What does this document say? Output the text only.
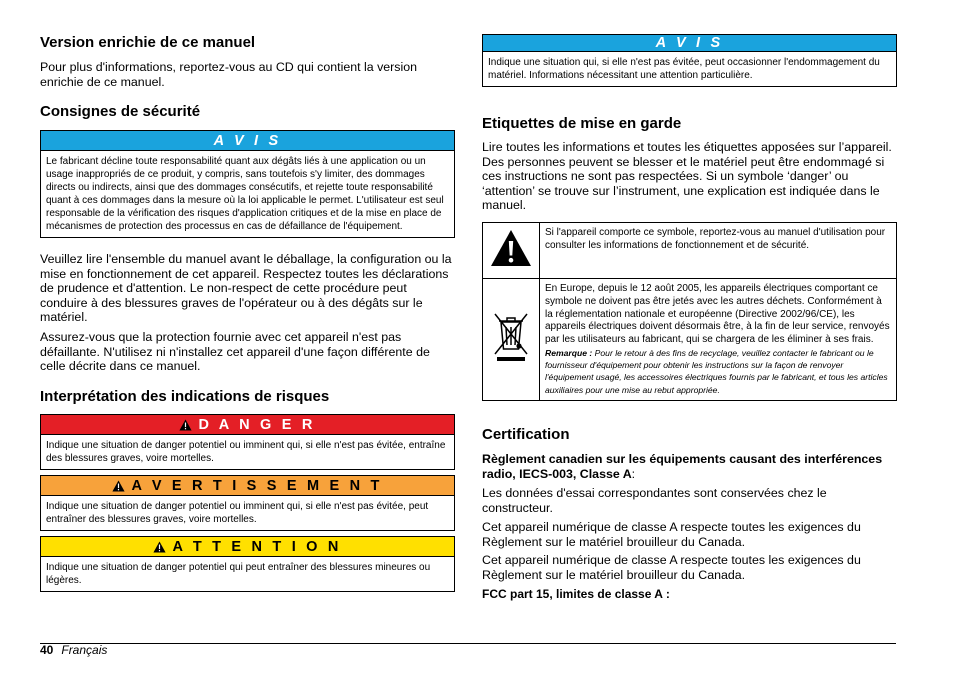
Version enrichie de ce manuel

Pour plus d'informations, reportez-vous au CD qui contient la version enrichie de ce manuel.

Consignes de sécurité
A V I S
Le fabricant décline toute responsabilité quant aux dégâts liés à une application ou un usage inappropriés de ce produit, y compris, sans toutefois s'y limiter, des dommages directs ou indirects, ainsi que des dommages consécutifs, et rejette toute responsabilité quant à ces dommages dans la mesure où la loi applicable le permet. L'utilisateur est seul responsable de la vérification des risques d'application critiques et de la mise en place de mécanismes de protection des processus en cas de défaillance de l'équipement.

Veuillez lire l'ensemble du manuel avant le déballage, la configuration ou la mise en fonctionnement de cet appareil. Respectez toutes les déclarations de prudence et d'attention. Le non-respect de cette procédure peut conduire à des blessures graves de l'opérateur ou à des dégâts sur le matériel.

Assurez-vous que la protection fournie avec cet appareil n'est pas défaillante. N'utilisez ni n'installez cet appareil d'une façon différente de celle décrite dans ce manuel.

Interprétation des indications de risques
D A N G E R
Indique une situation de danger potentiel ou imminent qui, si elle n'est pas évitée, entraîne des blessures graves, voire mortelles.
A V E R T I S S E M E N T
Indique une situation de danger potentiel ou imminent qui, si elle n'est pas évitée, peut entraîner des blessures graves, voire mortelles.
A T T E N T I O N
Indique une situation de danger potentiel qui peut entraîner des blessures mineures ou légères.
A V I S
Indique une situation qui, si elle n'est pas évitée, peut occasionner l'endommagement du matériel. Informations nécessitant une attention particulière.
Etiquettes de mise en garde

Lire toutes les informations et toutes les étiquettes apposées sur l’appareil. Des personnes peuvent se blesser et le matériel peut être endommagé si ces instructions ne sont pas respectées. Si un symbole ‘danger’ ou ‘attention’ se trouve sur l’instrument, une explication est indiquée dans le manuel.

	Si l'appareil comporte ce symbole, reportez-vous au manuel d'utilisation pour consulter les informations de fonctionnement et de sécurité.

En Europe, depuis le 12 août 2005, les appareils électriques comportant ce symbole ne doivent pas être jetés avec les autres déchets. Conformément à la réglementation nationale et européenne (Directive 2002/96/CE), les appareils électriques doivent désormais être, à la fin de leur service, renvoyés par les utilisateurs au fabricant, qui se chargera de les éliminer à ses frais.
Remarque : Pour le retour à des fins de recyclage, veuillez contacter le fabricant ou le fournisseur d'équipement pour obtenir les instructions sur la façon de renvoyer l'équipement usagé, les accessoires électriques fournis par le fabricant, et tous les articles auxiliaires pour une mise au rebut appropriée.
Certification

Règlement canadien sur les équipements causant des interférences radio, IECS-003, Classe A:

Les données d'essai correspondantes sont conservées chez le constructeur.

Cet appareil numérique de classe A respecte toutes les exigences du Règlement sur le matériel brouilleur du Canada.

Cet appareil numérique de classe A respecte toutes les exigences du Règlement sur le matériel brouilleur du Canada.

FCC part 15, limites de classe A :

40 Français
